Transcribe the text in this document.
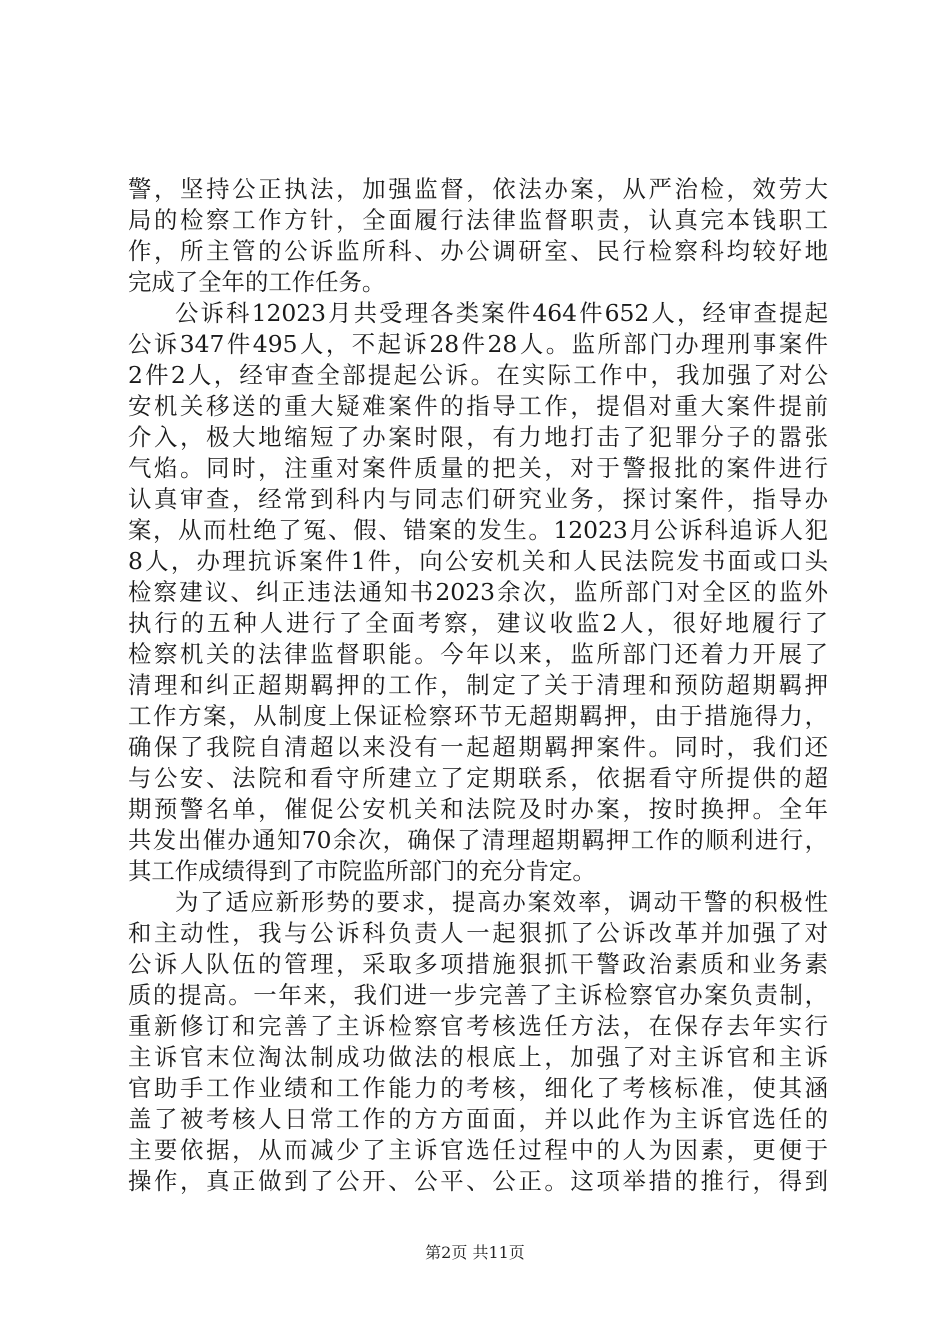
警，坚持公正执法，加强监督，依法办案，从严治检，效劳大
局的检察工作方针，全面履行法律监督职责，认真完本钱职工
作，所主管的公诉监所科、办公调研室、民行检察科均较好地
完成了全年的工作任务。
公诉科12023月共受理各类案件464件652人，经审查提起
公诉347件495人，不起诉28件28人。监所部门办理刑事案件
2件2人，经审查全部提起公诉。在实际工作中，我加强了对公
安机关移送的重大疑难案件的指导工作，提倡对重大案件提前
介入，极大地缩短了办案时限，有力地打击了犯罪分子的嚣张
气焰。同时，注重对案件质量的把关，对于警报批的案件进行
认真审查，经常到科内与同志们研究业务，探讨案件，指导办
案，从而杜绝了冤、假、错案的发生。12023月公诉科追诉人犯
8人，办理抗诉案件1件，向公安机关和人民法院发书面或口头
检察建议、纠正违法通知书2023余次，监所部门对全区的监外
执行的五种人进行了全面考察，建议收监2人，很好地履行了
检察机关的法律监督职能。今年以来，监所部门还着力开展了
清理和纠正超期羁押的工作，制定了关于清理和预防超期羁押
工作方案，从制度上保证检察环节无超期羁押，由于措施得力，
确保了我院自清超以来没有一起超期羁押案件。同时，我们还
与公安、法院和看守所建立了定期联系，依据看守所提供的超
期预警名单，催促公安机关和法院及时办案，按时换押。全年
共发出催办通知70余次，确保了清理超期羁押工作的顺利进行，
其工作成绩得到了市院监所部门的充分肯定。
为了适应新形势的要求，提高办案效率，调动干警的积极性
和主动性，我与公诉科负责人一起狠抓了公诉改革并加强了对
公诉人队伍的管理，采取多项措施狠抓干警政治素质和业务素
质的提高。一年来，我们进一步完善了主诉检察官办案负责制，
重新修订和完善了主诉检察官考核选任方法，在保存去年实行
主诉官末位淘汰制成功做法的根底上，加强了对主诉官和主诉
官助手工作业绩和工作能力的考核，细化了考核标准，使其涵
盖了被考核人日常工作的方方面面，并以此作为主诉官选任的
主要依据，从而减少了主诉官选任过程中的人为因素，更便于
操作，真正做到了公开、公平、公正。这项举措的推行，得到
第2页 共11页
